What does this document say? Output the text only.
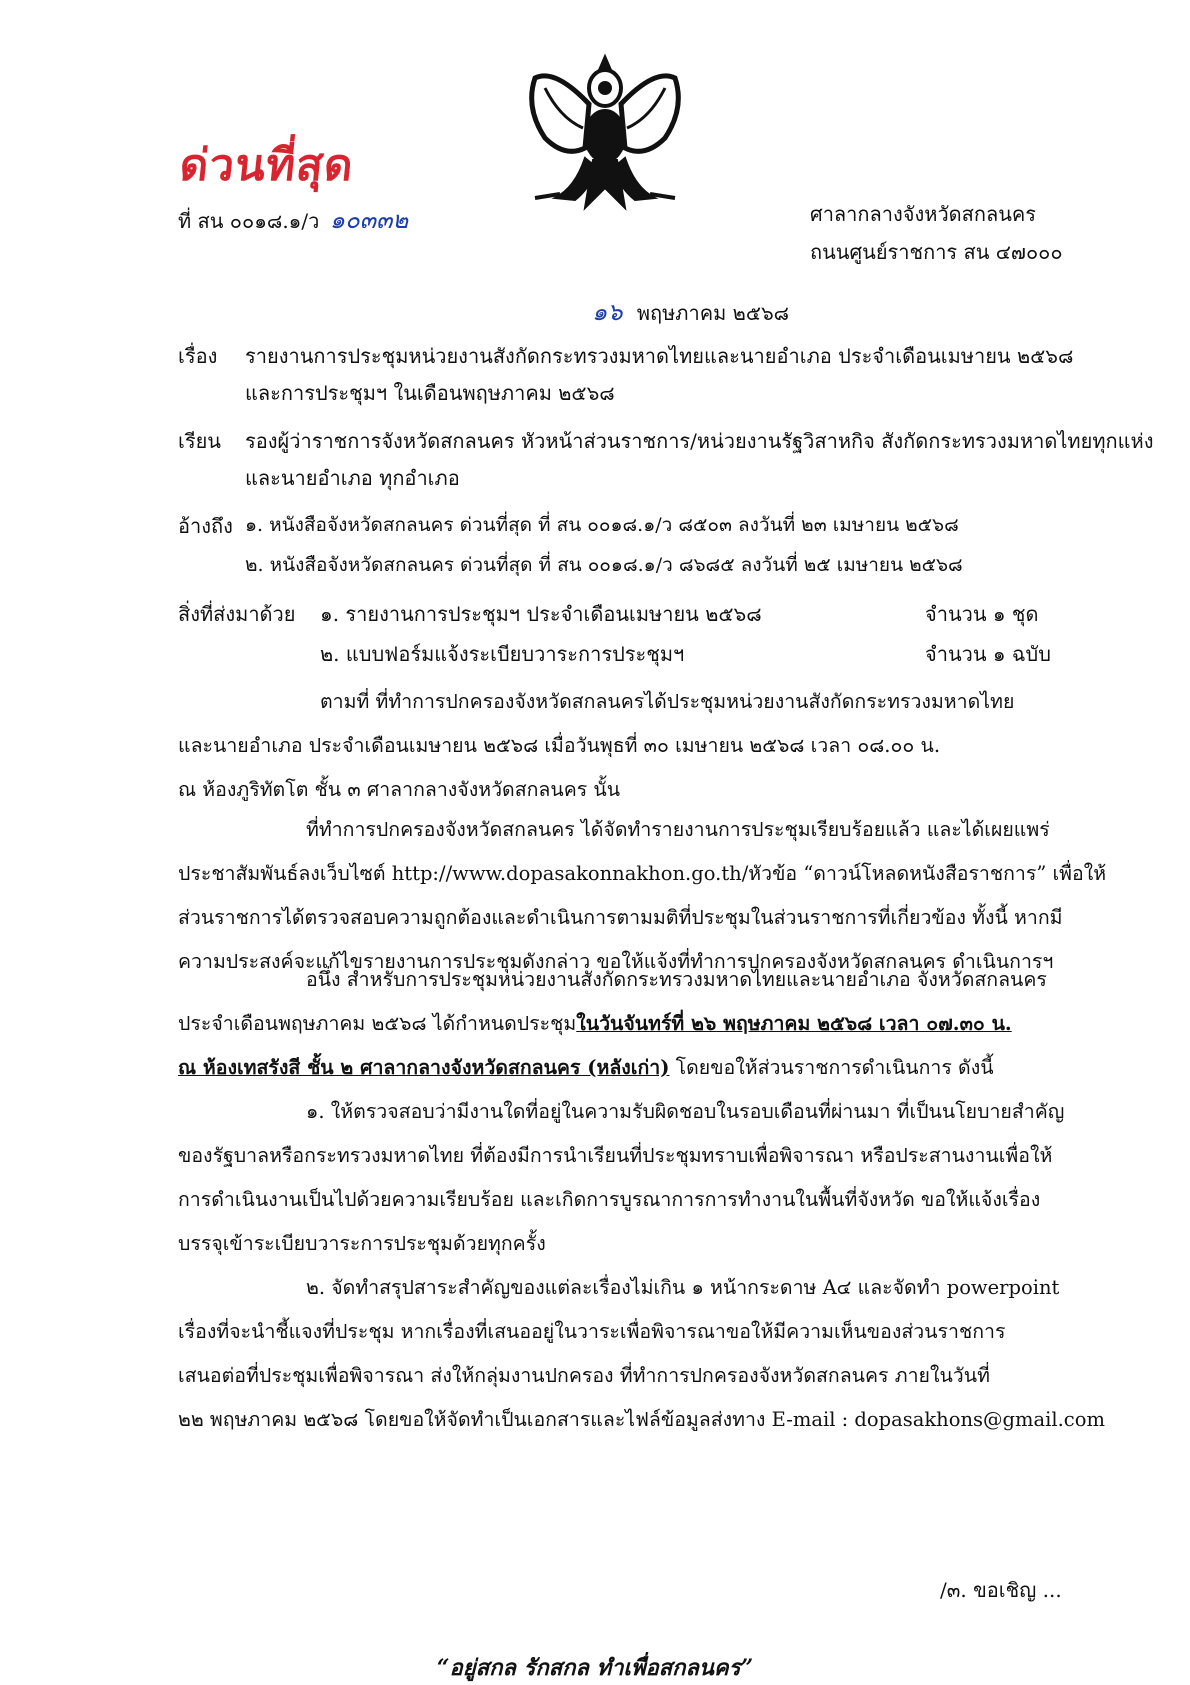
ด่วนที่สุด
ที่ สน ๐๐๑๘.๑/ว ๑๐๓๓๒	ศาลากลางจังหวัดสกลนคร
ถนนศูนย์ราชการ สน ๔๗๐๐๐
๑๖ พฤษภาคม ๒๕๖๘
เรื่อง รายงานการประชุมหน่วยงานสังกัดกระทรวงมหาดไทยและนายอำเภอ ประจำเดือนเมษายน ๒๕๖๘
และการประชุมฯ ในเดือนพฤษภาคม ๒๕๖๘
เรียน รองผู้ว่าราชการจังหวัดสกลนคร หัวหน้าส่วนราชการ/หน่วยงานรัฐวิสาหกิจ สังกัดกระทรวงมหาดไทยทุกแห่ง
และนายอำเภอ ทุกอำเภอ
อ้างถึง ๑. หนังสือจังหวัดสกลนคร ด่วนที่สุด ที่ สน ๐๐๑๘.๑/ว ๘๕๐๓ ลงวันที่ ๒๓ เมษายน ๒๕๖๘
๒. หนังสือจังหวัดสกลนคร ด่วนที่สุด ที่ สน ๐๐๑๘.๑/ว ๘๖๘๕ ลงวันที่ ๒๕ เมษายน ๒๕๖๘
สิ่งที่ส่งมาด้วย ๑. รายงานการประชุมฯ ประจำเดือนเมษายน ๒๕๖๘	จำนวน ๑ ชุด
๒. แบบฟอร์มแจ้งระเบียบวาระการประชุมฯ	จำนวน ๑ ฉบับ
ตามที่ ที่ทำการปกครองจังหวัดสกลนครได้ประชุมหน่วยงานสังกัดกระทรวงมหาดไทย
และนายอำเภอ ประจำเดือนเมษายน ๒๕๖๘ เมื่อวันพุธที่ ๓๐ เมษายน ๒๕๖๘ เวลา ๐๘.๐๐ น.
ณ ห้องภูริทัตโต ชั้น ๓ ศาลากลางจังหวัดสกลนคร นั้น
ที่ทำการปกครองจังหวัดสกลนคร ได้จัดทำรายงานการประชุมเรียบร้อยแล้ว และได้เผยแพร่
ประชาสัมพันธ์ลงเว็บไซต์ http://www.dopasakonnakhon.go.th/หัวข้อ “ดาวน์โหลดหนังสือราชการ” เพื่อให้
ส่วนราชการได้ตรวจสอบความถูกต้องและดำเนินการตามมติที่ประชุมในส่วนราชการที่เกี่ยวข้อง ทั้งนี้ หากมี
ความประสงค์จะแก้ไขรายงานการประชุมดังกล่าว ขอให้แจ้งที่ทำการปกครองจังหวัดสกลนคร ดำเนินการฯ
อนึ่ง สำหรับการประชุมหน่วยงานสังกัดกระทรวงมหาดไทยและนายอำเภอ จังหวัดสกลนคร
ประจำเดือนพฤษภาคม ๒๕๖๘ ได้กำหนดประชุมในวันจันทร์ที่ ๒๖ พฤษภาคม ๒๕๖๘ เวลา ๐๗.๓๐ น.
ณ ห้องเทสรังสี ชั้น ๒ ศาลากลางจังหวัดสกลนคร (หลังเก่า) โดยขอให้ส่วนราชการดำเนินการ ดังนี้
๑. ให้ตรวจสอบว่ามีงานใดที่อยู่ในความรับผิดชอบในรอบเดือนที่ผ่านมา ที่เป็นนโยบายสำคัญ
ของรัฐบาลหรือกระทรวงมหาดไทย ที่ต้องมีการนำเรียนที่ประชุมทราบเพื่อพิจารณา หรือประสานงานเพื่อให้
การดำเนินงานเป็นไปด้วยความเรียบร้อย และเกิดการบูรณาการการทำงานในพื้นที่จังหวัด ขอให้แจ้งเรื่อง
บรรจุเข้าระเบียบวาระการประชุมด้วยทุกครั้ง
๒. จัดทำสรุปสาระสำคัญของแต่ละเรื่องไม่เกิน ๑ หน้ากระดาษ A๔ และจัดทำ powerpoint
เรื่องที่จะนำชี้แจงที่ประชุม หากเรื่องที่เสนออยู่ในวาระเพื่อพิจารณาขอให้มีความเห็นของส่วนราชการ
เสนอต่อที่ประชุมเพื่อพิจารณา ส่งให้กลุ่มงานปกครอง ที่ทำการปกครองจังหวัดสกลนคร ภายในวันที่
๒๒ พฤษภาคม ๒๕๖๘ โดยขอให้จัดทำเป็นเอกสารและไฟล์ข้อมูลส่งทาง E-mail : dopasakhons@gmail.com
/๓. ขอเชิญ ...
“อยู่สกล รักสกล ทำเพื่อสกลนคร”
